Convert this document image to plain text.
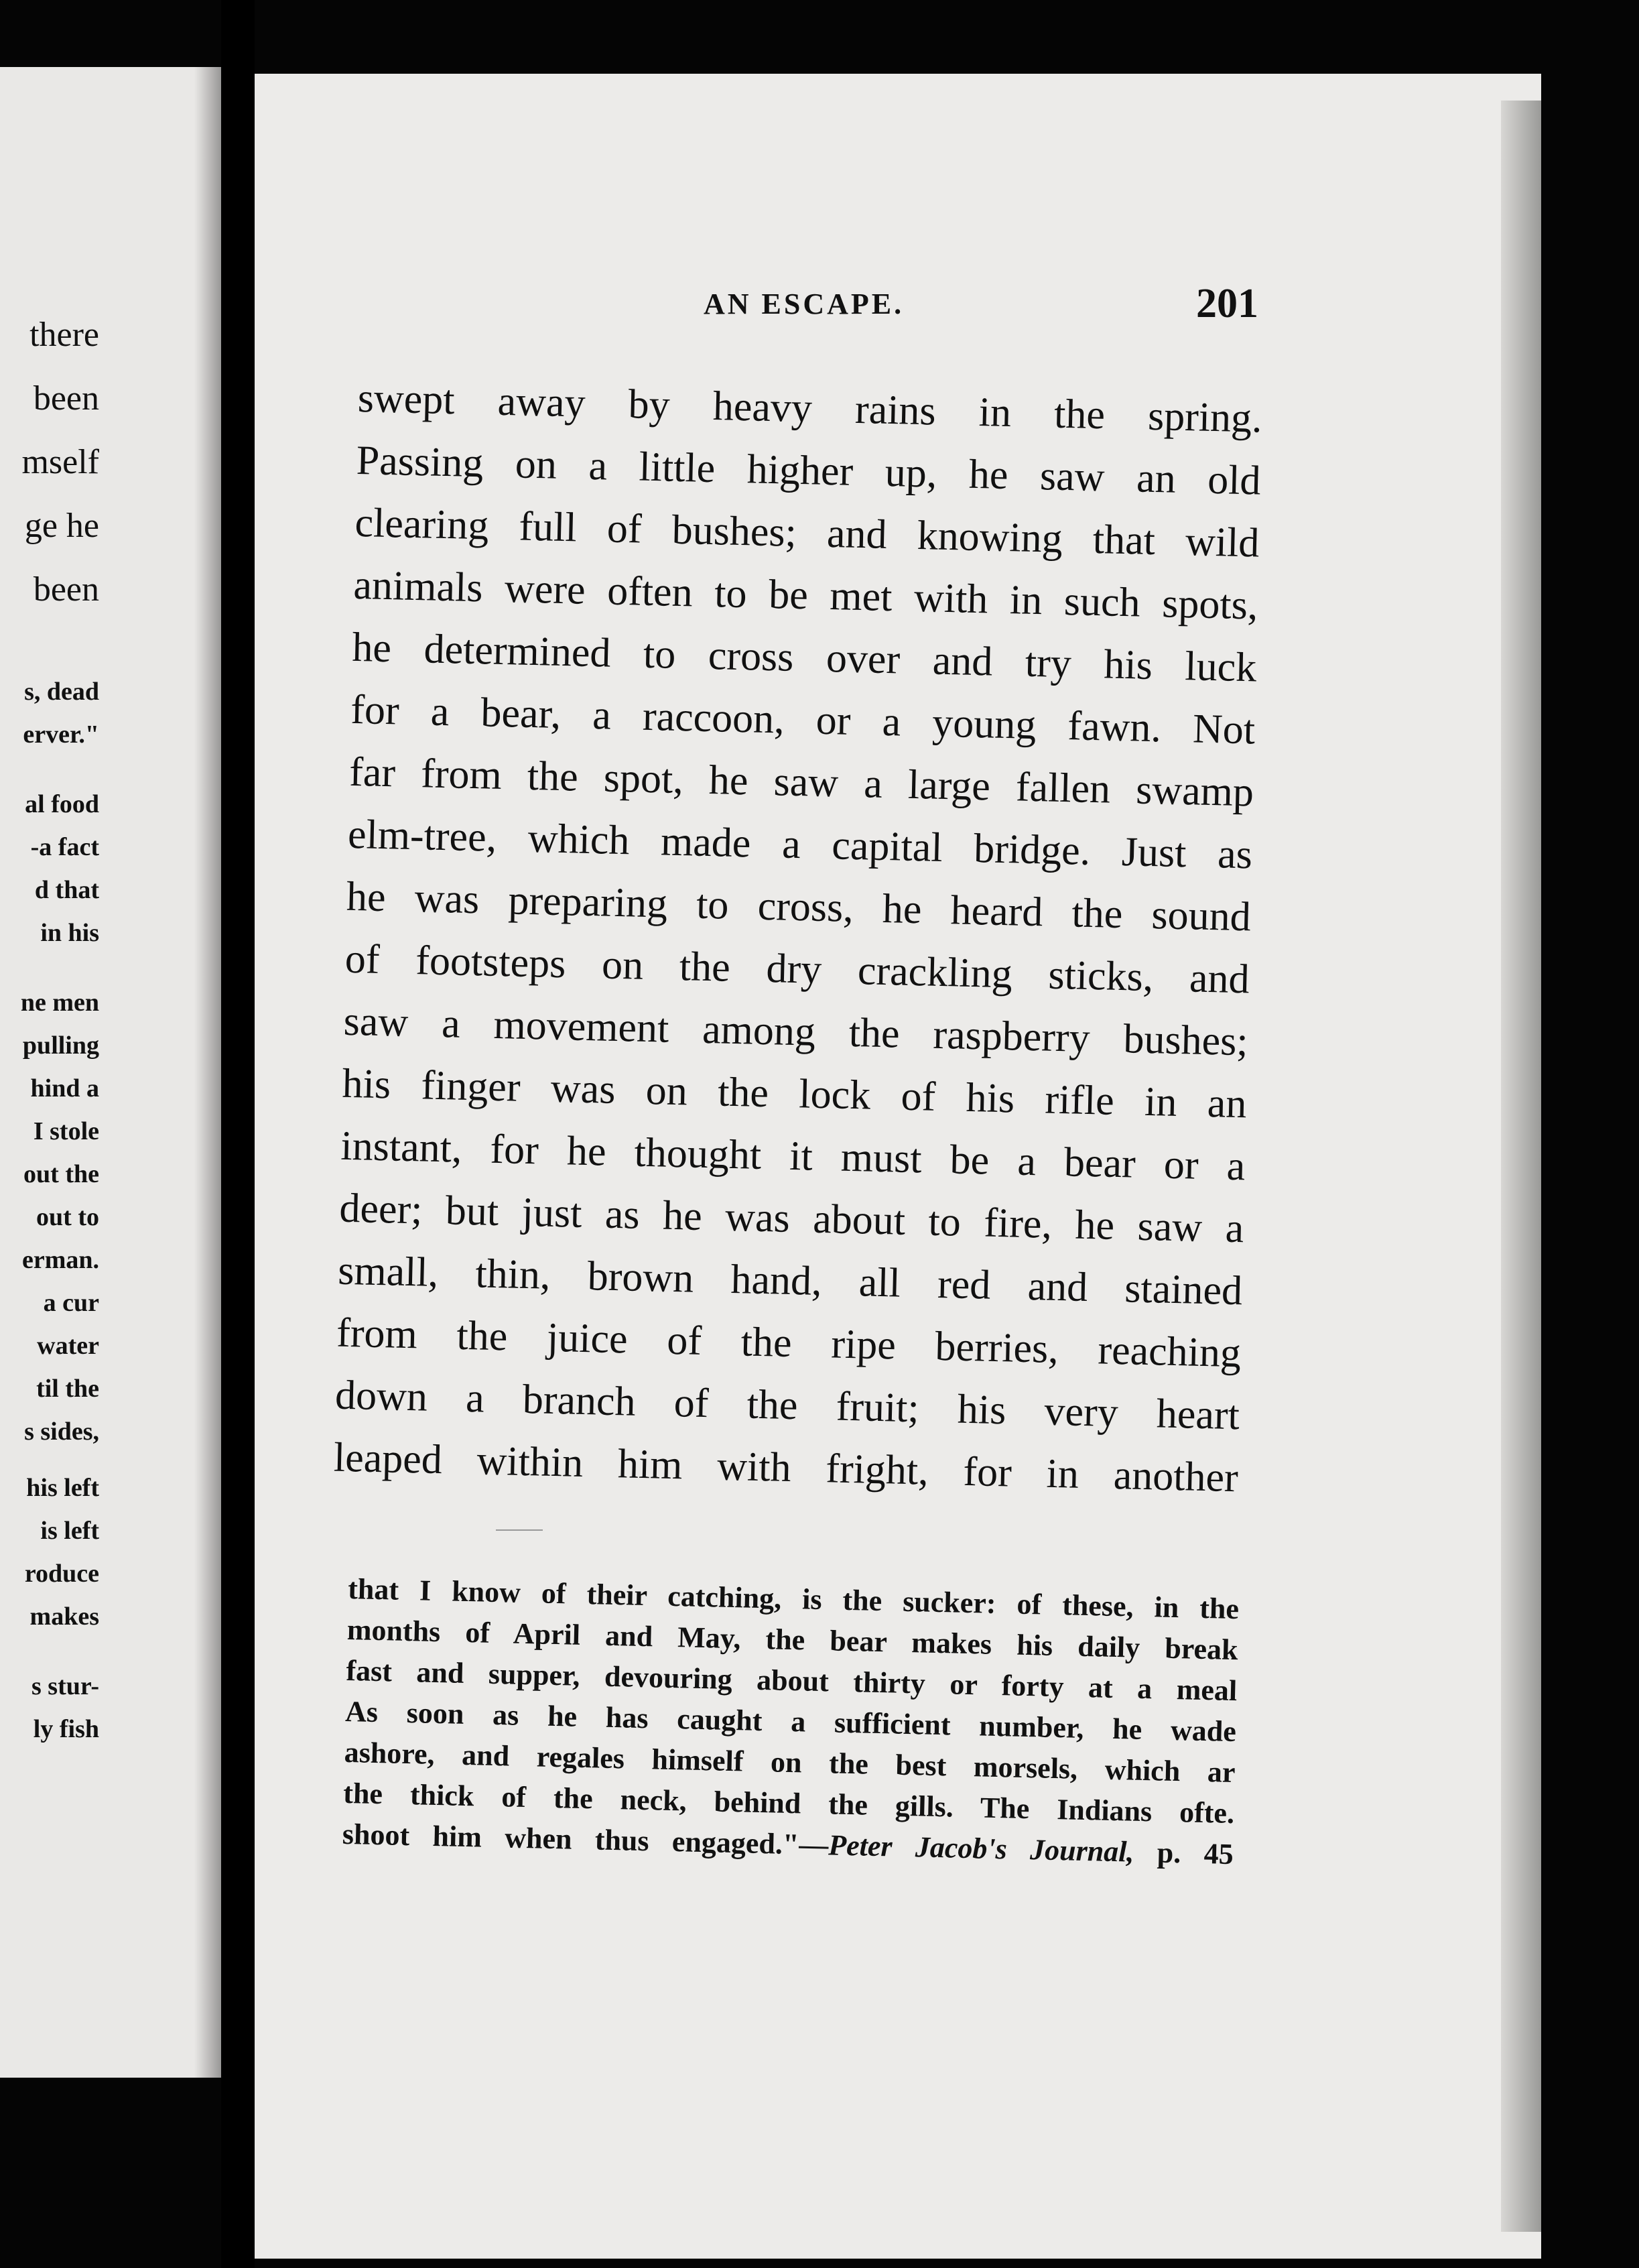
there
been
mself
ge he
been
s, dead
erver."
al food
-a fact
d that
in his
ne men
pulling
hind a
I stole
out the
out to
erman.
a cur
water
til the
s sides,
his left
is left
roduce
makes
s stur-
ly fish
AN ESCAPE.	201
swept away by heavy rains in the spring.
Passing on a little higher up, he saw an old
clearing full of bushes; and knowing that wild
animals were often to be met with in such spots,
he determined to cross over and try his luck
for a bear, a raccoon, or a young fawn. Not
far from the spot, he saw a large fallen swamp
elm-tree, which made a capital bridge. Just as
he was preparing to cross, he heard the sound
of footsteps on the dry crackling sticks, and
saw a movement among the raspberry bushes;
his finger was on the lock of his rifle in an
instant, for he thought it must be a bear or a
deer; but just as he was about to fire, he saw a
small, thin, brown hand, all red and stained
from the juice of the ripe berries, reaching
down a branch of the fruit; his very heart
leaped within him with fright, for in another
that I know of their catching, is the sucker: of these, in the
months of April and May, the bear makes his daily break
fast and supper, devouring about thirty or forty at a meal
As soon as he has caught a sufficient number, he wade
ashore, and regales himself on the best morsels, which ar
the thick of the neck, behind the gills. The Indians ofte.
shoot him when thus engaged."—Peter Jacob's Journal, p. 45
